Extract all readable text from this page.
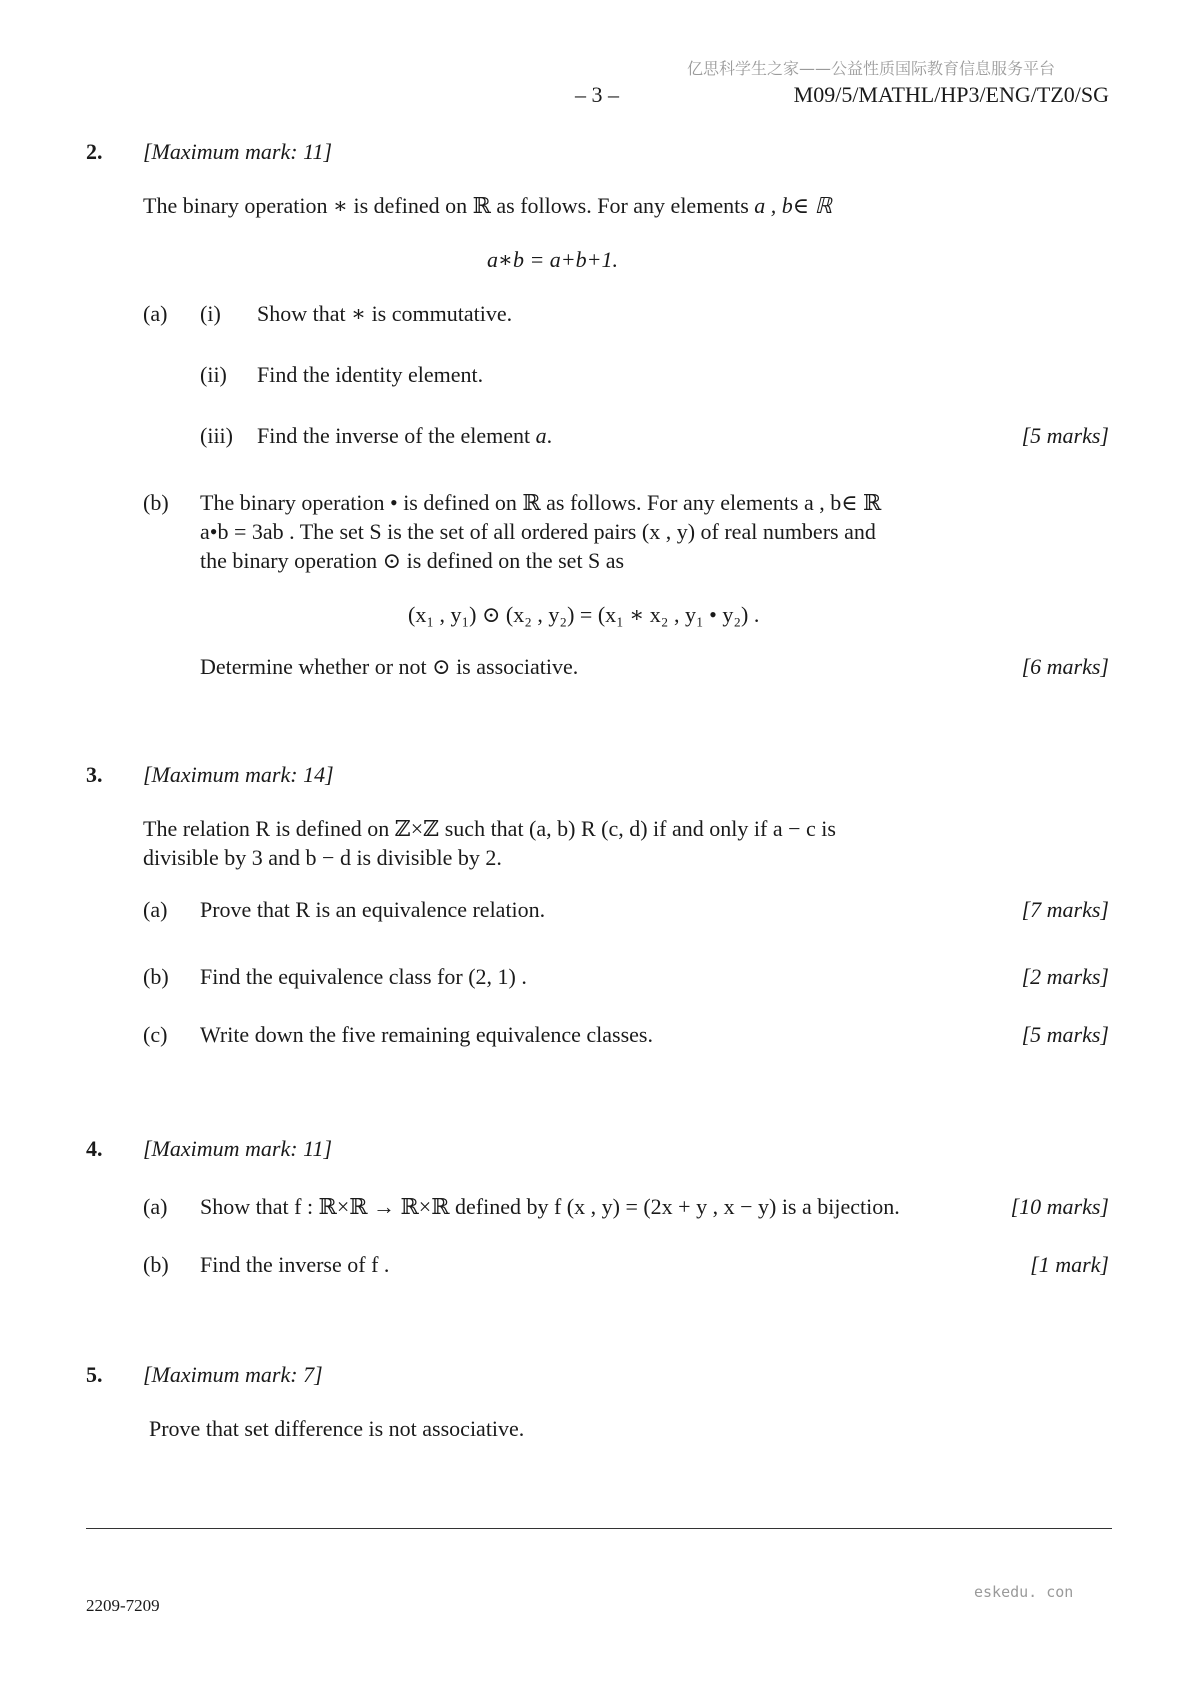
亿思科学生之家——公益性质国际教育信息服务平台
– 3 –	M09/5/MATHL/HP3/ENG/TZ0/SG
2. [Maximum mark: 11]
The binary operation ∗ is defined on ℝ as follows. For any elements a , b∈ ℝ
a∗b = a+b+1.
(a) (i) Show that ∗ is commutative.
(ii) Find the identity element.
(iii) Find the inverse of the element a.	[5 marks]
(b) The binary operation • is defined on ℝ as follows. For any elements a , b∈ ℝ
a•b = 3ab . The set S is the set of all ordered pairs (x , y) of real numbers and
the binary operation ⊙ is defined on the set S as
(x₁ , y₁) ⊙ (x₂ , y₂) = (x₁ ∗ x₂ , y₁ • y₂) .
Determine whether or not ⊙ is associative.	[6 marks]
3. [Maximum mark: 14]
The relation R is defined on ℤ×ℤ such that (a, b) R (c, d) if and only if a − c is
divisible by 3 and b − d is divisible by 2.
(a) Prove that R is an equivalence relation.	[7 marks]
(b) Find the equivalence class for (2, 1) .	[2 marks]
(c) Write down the five remaining equivalence classes.	[5 marks]
4. [Maximum mark: 11]
(a) Show that f : ℝ×ℝ → ℝ×ℝ defined by f (x , y) = (2x + y , x − y) is a bijection.	[10 marks]
(b) Find the inverse of f .	[1 mark]
5. [Maximum mark: 7]
Prove that set difference is not associative.
eskedu. con
2209-7209
